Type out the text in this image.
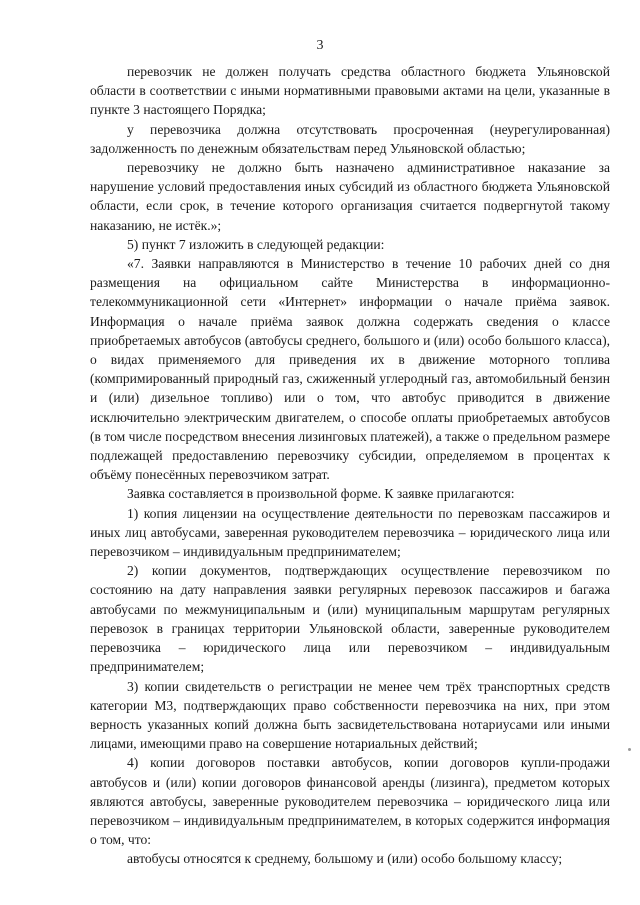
3

перевозчик не должен получать средства областного бюджета Ульяновской области в соответствии с иными нормативными правовыми актами на цели, указанные в пункте 3 настоящего Порядка;

у перевозчика должна отсутствовать просроченная (неурегулированная) задолженность по денежным обязательствам перед Ульяновской областью;

перевозчику не должно быть назначено административное наказание за нарушение условий предоставления иных субсидий из областного бюджета Ульяновской области, если срок, в течение которого организация считается подвергнутой такому наказанию, не истёк.»;

5) пункт 7 изложить в следующей редакции:

«7. Заявки направляются в Министерство в течение 10 рабочих дней со дня размещения на официальном сайте Министерства в информационно-телекоммуникационной сети «Интернет» информации о начале приёма заявок. Информация о начале приёма заявок должна содержать сведения о классе приобретаемых автобусов (автобусы среднего, большого и (или) особо большого класса), о видах применяемого для приведения их в движение моторного топлива (компримированный природный газ, сжиженный углеродный газ, автомобильный бензин и (или) дизельное топливо) или о том, что автобус приводится в движение исключительно электрическим двигателем, о способе оплаты приобретаемых автобусов (в том числе посредством внесения лизинговых платежей), а также о предельном размере подлежащей предоставлению перевозчику субсидии, определяемом в процентах к объёму понесённых перевозчиком затрат.

Заявка составляется в произвольной форме. К заявке прилагаются:

1) копия лицензии на осуществление деятельности по перевозкам пассажиров и иных лиц автобусами, заверенная руководителем перевозчика – юридического лица или перевозчиком – индивидуальным предпринимателем;

2) копии документов, подтверждающих осуществление перевозчиком по состоянию на дату направления заявки регулярных перевозок пассажиров и багажа автобусами по межмуниципальным и (или) муниципальным маршрутам регулярных перевозок в границах территории Ульяновской области, заверенные руководителем перевозчика – юридического лица или перевозчиком – индивидуальным предпринимателем;

3) копии свидетельств о регистрации не менее чем трёх транспортных средств категории М3, подтверждающих право собственности перевозчика на них, при этом верность указанных копий должна быть засвидетельствована нотариусами или иными лицами, имеющими право на совершение нотариальных действий;

4) копии договоров поставки автобусов, копии договоров купли-продажи автобусов и (или) копии договоров финансовой аренды (лизинга), предметом которых являются автобусы, заверенные руководителем перевозчика – юридического лица или перевозчиком – индивидуальным предпринимателем, в которых содержится информация о том, что:

автобусы относятся к среднему, большому и (или) особо большому классу;
